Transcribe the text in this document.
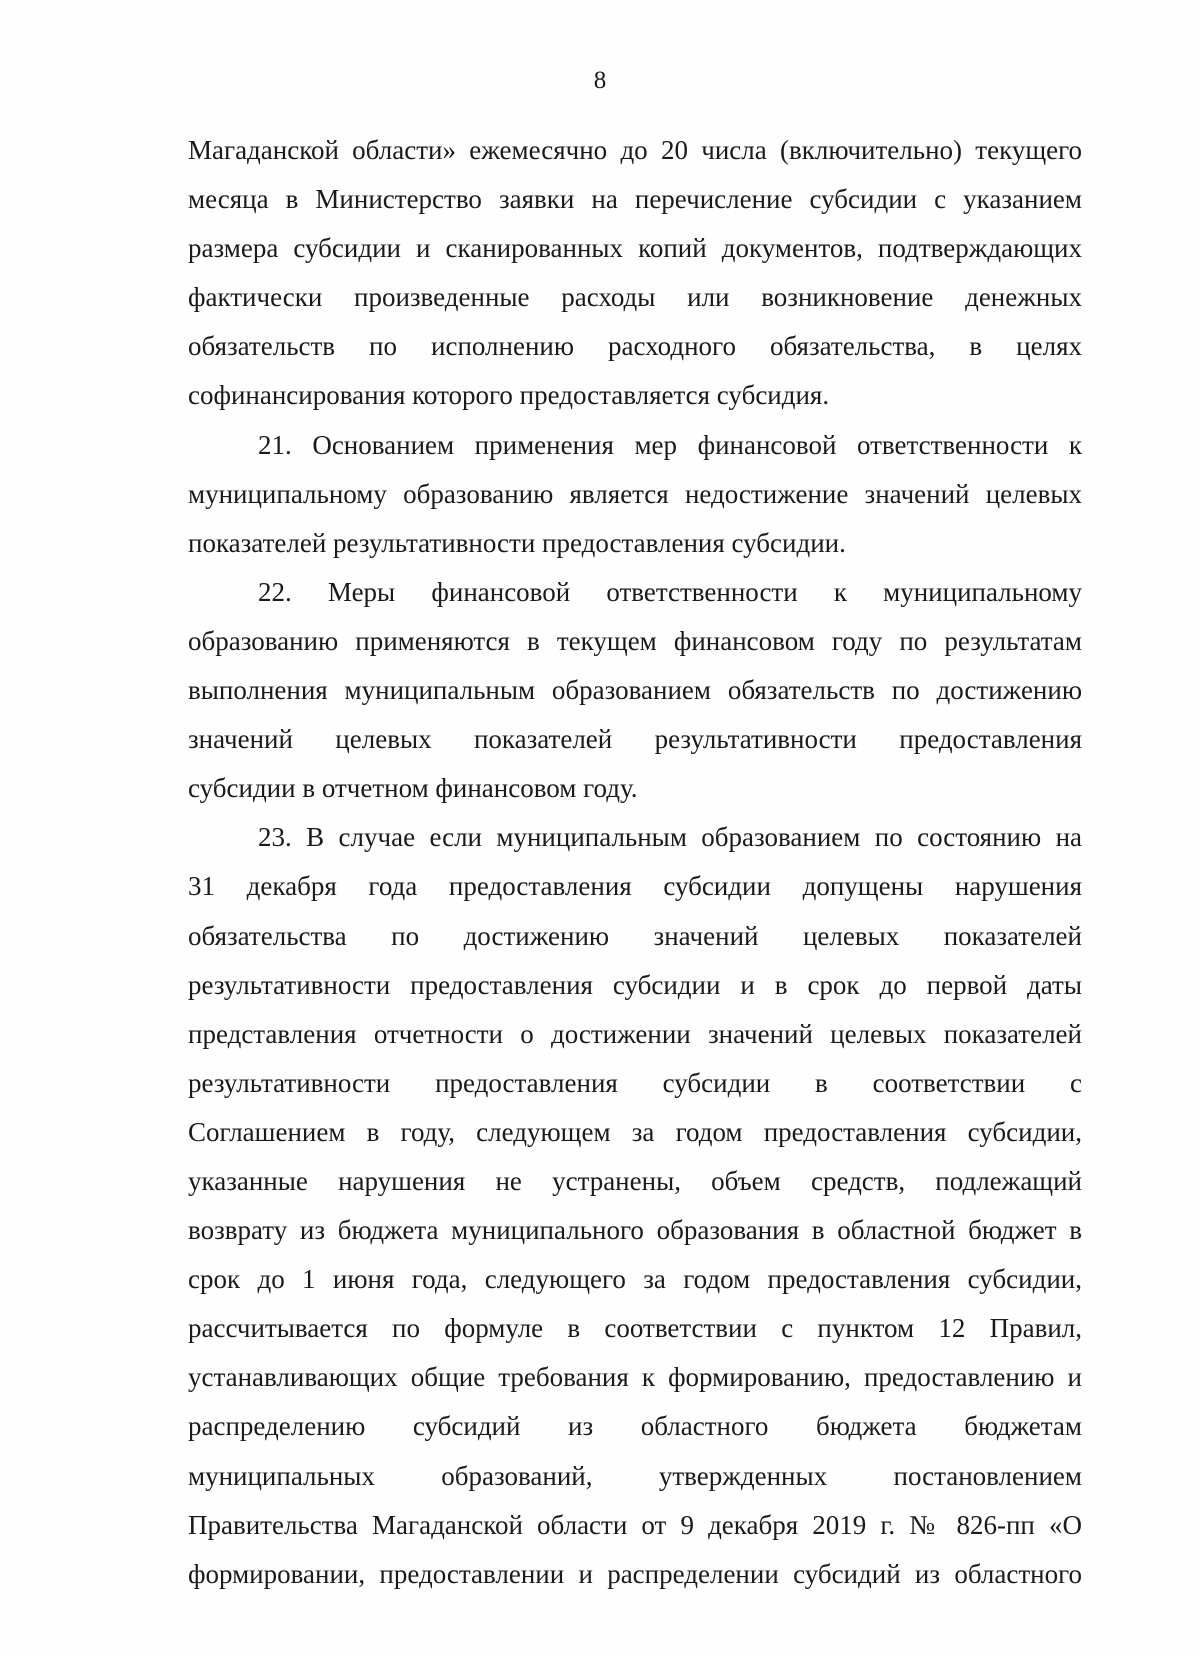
8
Магаданской области» ежемесячно до 20 числа (включительно) текущего
месяца в Министерство заявки на перечисление субсидии с указанием
размера субсидии и сканированных копий документов, подтверждающих
фактически произведенные расходы или возникновение денежных
обязательств по исполнению расходного обязательства, в целях
софинансирования которого предоставляется субсидия.
21. Основанием применения мер финансовой ответственности к
муниципальному образованию является недостижение значений целевых
показателей результативности предоставления субсидии.
22. Меры финансовой ответственности к муниципальному
образованию применяются в текущем финансовом году по результатам
выполнения муниципальным образованием обязательств по достижению
значений целевых показателей результативности предоставления
субсидии в отчетном финансовом году.
23. В случае если муниципальным образованием по состоянию на
31 декабря года предоставления субсидии допущены нарушения
обязательства по достижению значений целевых показателей
результативности предоставления субсидии и в срок до первой даты
представления отчетности о достижении значений целевых показателей
результативности предоставления субсидии в соответствии с
Соглашением в году, следующем за годом предоставления субсидии,
указанные нарушения не устранены, объем средств, подлежащий
возврату из бюджета муниципального образования в областной бюджет в
срок до 1 июня года, следующего за годом предоставления субсидии,
рассчитывается по формуле в соответствии с пунктом 12 Правил,
устанавливающих общие требования к формированию, предоставлению и
распределению субсидий из областного бюджета бюджетам
муниципальных образований, утвержденных постановлением
Правительства Магаданской области от 9 декабря 2019 г. № 826-пп «О
формировании, предоставлении и распределении субсидий из областного
